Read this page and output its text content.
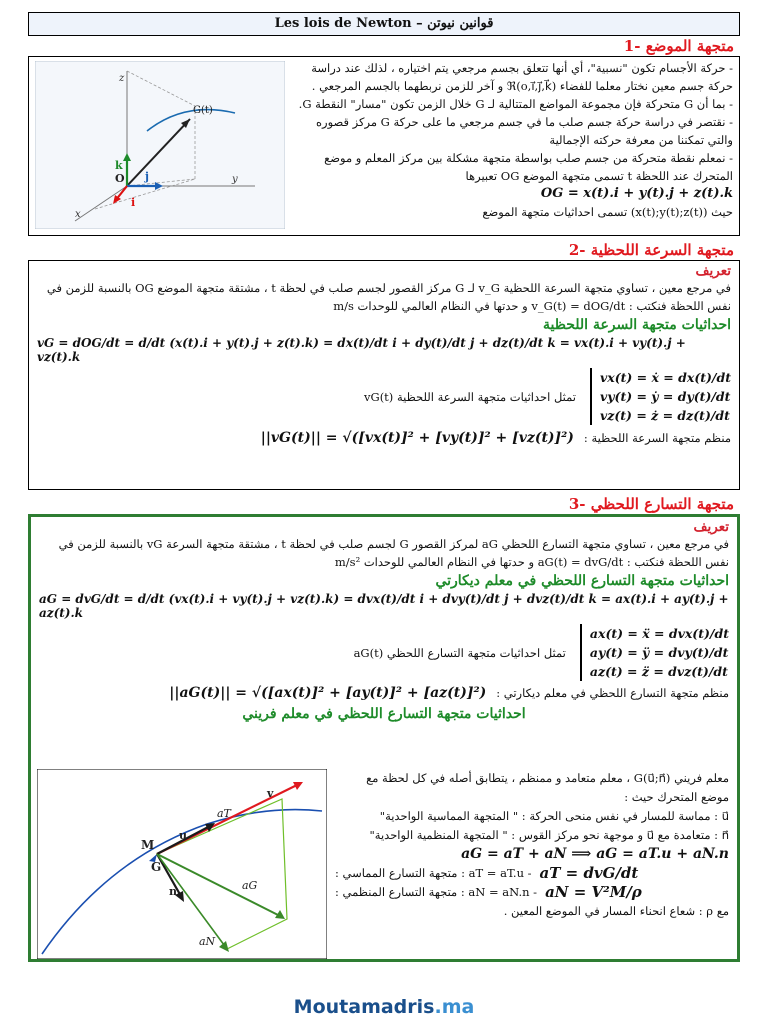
Les lois de Newton – قوانين نيوتن
1- متجهة الموضع
z
G(t)
k
O j	y
i
x
- حركة الأجسام تكون "نسبية"، أي أنها تتعلق بجسم مرجعي يتم اختياره ، لذلك عند دراسة حركة جسم معين نختار معلما للفضاء ℜ(o,i⃗,j⃗,k⃗) و آخر للزمن نربطهما بالجسم المرجعي .
- بما أن G متحركة فإن مجموعة المواضع المتتالية لـ G خلال الزمن تكون "مسار" النقطة G.
- نقتصر في دراسة حركة جسم صلب ما في جسم مرجعي ما على حركة G مركز قصوره والتي تمكننا من معرفة حركته الإجمالية
- نمعلم نقطة متحركة من جسم صلب بواسطة متجهة مشكلة بين مركز المعلم و موضع المتحرك عند اللحظة t تسمى متجهة الموضع OG تعبيرها
OG = x(t).i + y(t).j + z(t).k
حيث (x(t);y(t);z(t)) تسمى احداثيات متجهة الموضع
2- متجهة السرعة اللحظية
تعريف
في مرجع معين ، تساوي متجهة السرعة اللحظية v_G لـ G مركز القصور لجسم صلب في لحظة t ، مشتقة متجهة الموضع OG بالنسبة للزمن في نفس اللحظة فنكتب : v_G(t) = dOG/dt و حدتها في النظام العالمي للوحدات m/s
احداثيات متجهة السرعة اللحظية
vG = dOG/dt = d/dt (x(t).i + y(t).j + z(t).k) = dx(t)/dt i + dy(t)/dt j + dz(t)/dt k = vx(t).i + vy(t).j + vz(t).k
تمثل احداثيات متجهة السرعة اللحظية vG(t)
vx(t) = ẋ = dx(t)/dt
vy(t) = ẏ = dy(t)/dt
vz(t) = ż = dz(t)/dt
||vG(t)|| = √([vx(t)]² + [vy(t)]² + [vz(t)]²) منظم متجهة السرعة اللحظية :
3- متجهة التسارع اللحظي
تعريف
في مرجع معين ، تساوي متجهة التسارع اللحظي aG لمركز القصور G لجسم صلب في لحظة t ، مشتقة متجهة السرعة vG بالنسبة للزمن في نفس اللحظة فنكتب : aG(t) = dvG/dt و حدتها في النظام العالمي للوحدات m/s²
احداثيات متجهة التسارع اللحظي في معلم ديكارتي
aG = dvG/dt = d/dt (vx(t).i + vy(t).j + vz(t).k) = dvx(t)/dt i + dvy(t)/dt j + dvz(t)/dt k = ax(t).i + ay(t).j + az(t).k
تمثل احداثيات متجهة التسارع اللحظي aG(t)
ax(t) = ẍ = dvx(t)/dt
ay(t) = ÿ = dvy(t)/dt
az(t) = z̈ = dvz(t)/dt
||aG(t)|| = √([ax(t)]² + [ay(t)]² + [az(t)]²) منظم متجهة التسارع اللحظي في معلم ديكارتي :
احداثيات متجهة التسارع اللحظي في معلم فريني
v
aT
u
M
G
n	aG
aN
معلم فريني G(u⃗;n⃗) ، معلم متعامد و ممنظم ، يتطابق أصله في كل لحظة مع موضع المتحرك حيث :
u⃗ : مماسة للمسار في نفس منحى الحركة : " المتجهة المماسية الواحدية"
n⃗ : متعامدة مع u⃗ و موجهة نحو مركز القوس : " المتجهة المنظمية الواحدية"
aG = aT + aN ⟹ aG = aT.u + aN.n
aT = dvG/dt
- aT = aT.u : متجهة التسارع المماسي :
aN = V²M/ρ
- aN = aN.n : متجهة التسارع المنظمي :
مع ρ : شعاع انحناء المسار في الموضع المعين .
Moutamadris.ma
